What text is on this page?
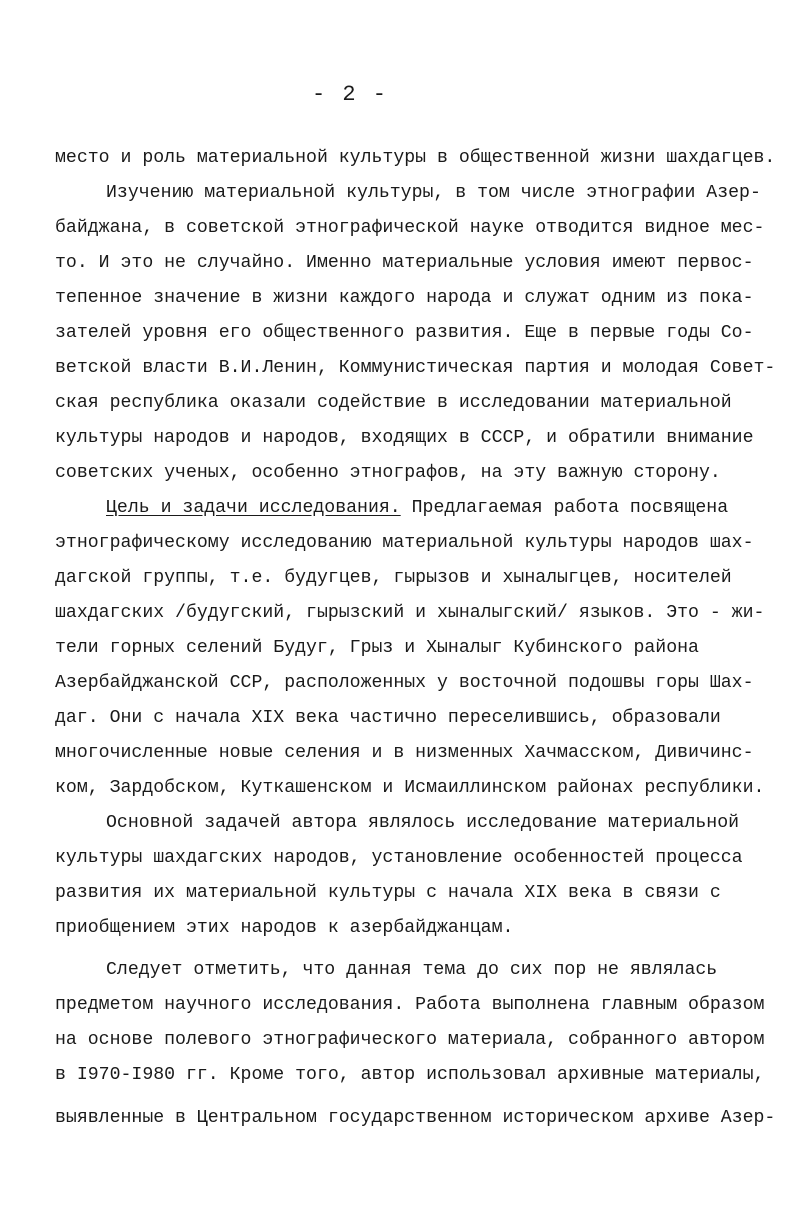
- 2 -
место и роль материальной культуры в общественной жизни шахдагцев.
Изучению материальной культуры, в том числе этнографии Азер-
байджана, в советской этнографической науке отводится видное мес-
то. И это не случайно. Именно материальные условия имеют первос-
тепенное значение в жизни каждого народа и служат одним из пока-
зателей уровня его общественного развития. Еще в первые годы Со-
ветской власти В.И.Ленин, Коммунистическая партия и молодая Совет-
ская республика оказали содействие в исследовании материальной
культуры народов и народов, входящих в СССР, и обратили внимание
советских ученых, особенно этнографов, на эту важную сторону.
Цель и задачи исследования. Предлагаемая работа посвящена
этнографическому исследованию материальной культуры народов шах-
дагской группы, т.е. будугцев, гырызов и хыналыгцев, носителей
шахдагских /будугский, гырызский и хыналыгский/ языков. Это - жи-
тели горных селений Будуг, Грыз и Хыналыг Кубинского района
Азербайджанской ССР, расположенных у восточной подошвы горы Шах-
даг. Они с начала XIX века частично переселившись, образовали
многочисленные новые селения и в низменных Хачмасском, Дивичинс-
ком, Зардобском, Куткашенском и Исмаиллинском районах республики.
Основной задачей автора являлось исследование материальной
культуры шахдагских народов, установление особенностей процесса
развития их материальной культуры с начала XIX века в связи с
приобщением этих народов к азербайджанцам.
Следует отметить, что данная тема до сих пор не являлась
предметом научного исследования. Работа выполнена главным образом
на основе полевого этнографического материала, собранного автором
в I970-I980 гг. Кроме того, автор использовал архивные материалы,
выявленные в Центральном государственном историческом архиве Азер-
